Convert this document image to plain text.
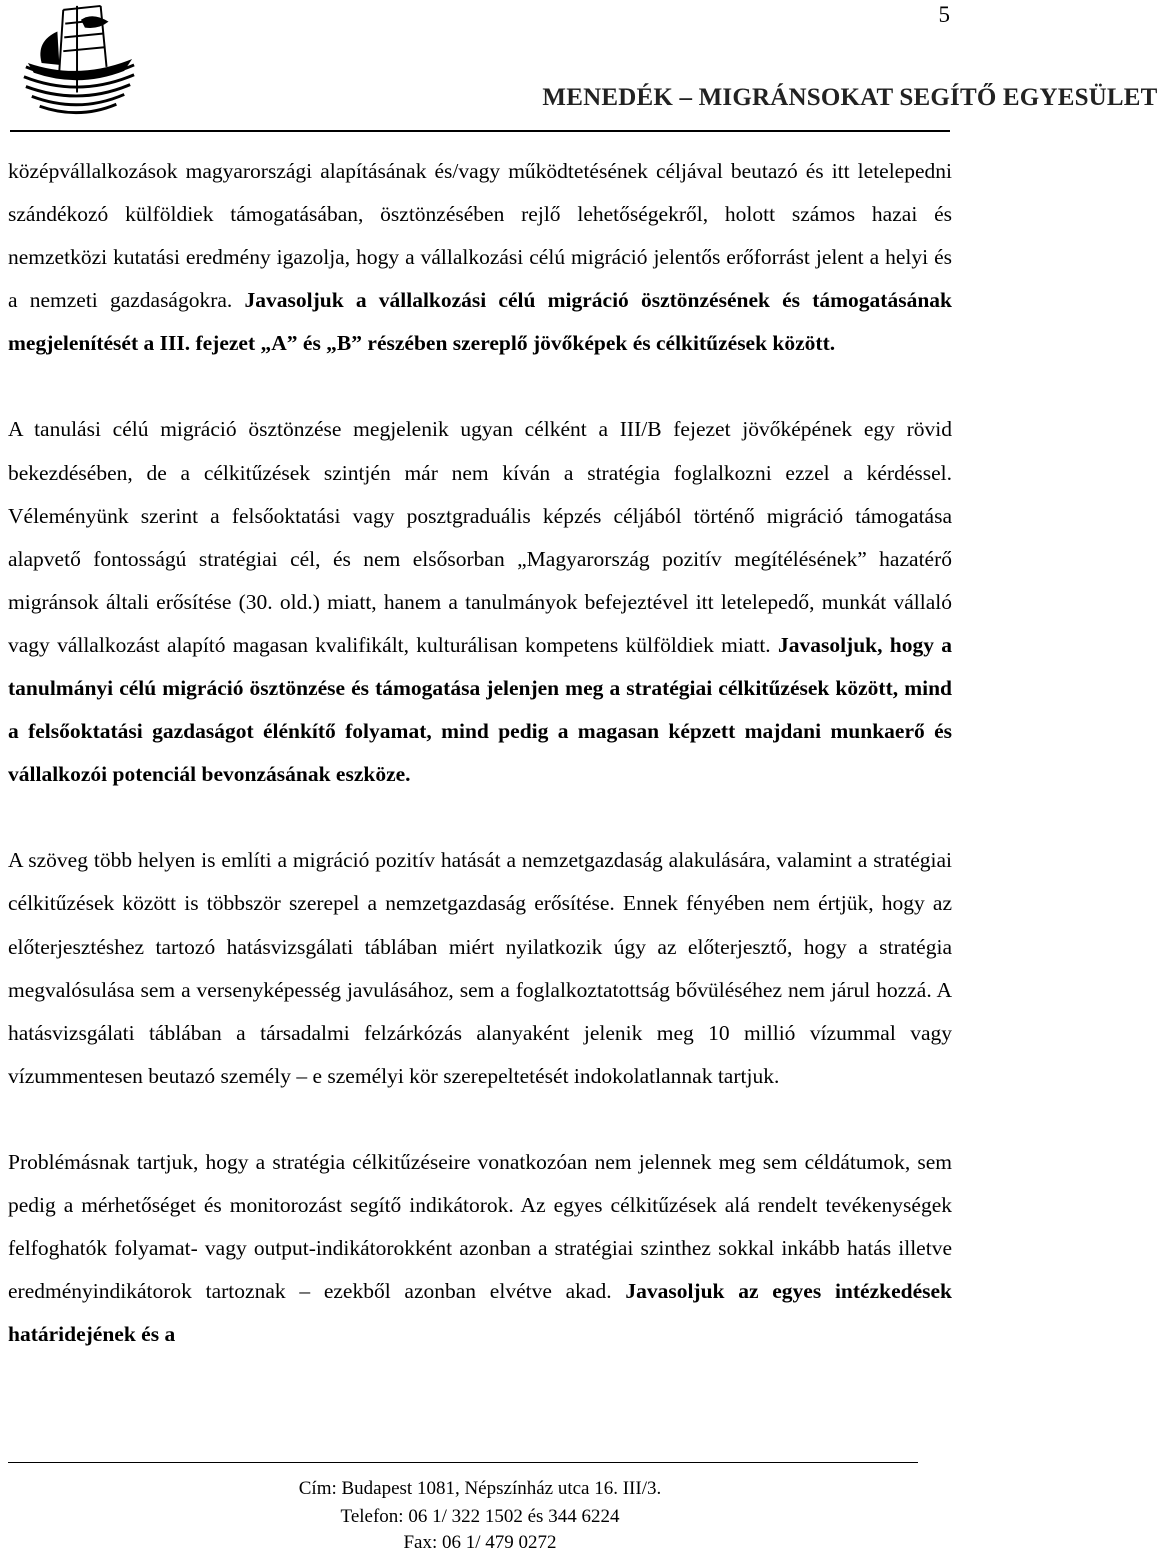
5
MENEDÉK – MIGRÁNSOKAT SEGÍTŐ EGYESÜLET

középvállalkozások magyarországi alapításának és/vagy működtetésének céljával beutazó és itt letelepedni szándékozó külföldiek támogatásában, ösztönzésében rejlő lehetőségekről, holott számos hazai és nemzetközi kutatási eredmény igazolja, hogy a vállalkozási célú migráció jelentős erőforrást jelent a helyi és a nemzeti gazdaságokra. Javasoljuk a vállalkozási célú migráció ösztönzésének és támogatásának megjelenítését a III. fejezet „A” és „B” részében szereplő jövőképek és célkitűzések között.

A tanulási célú migráció ösztönzése megjelenik ugyan célként a III/B fejezet jövőképének egy rövid bekezdésében, de a célkitűzések szintjén már nem kíván a stratégia foglalkozni ezzel a kérdéssel. Véleményünk szerint a felsőoktatási vagy posztgraduális képzés céljából történő migráció támogatása alapvető fontosságú stratégiai cél, és nem elsősorban „Magyarország pozitív megítélésének” hazatérő migránsok általi erősítése (30. old.) miatt, hanem a tanulmányok befejeztével itt letelepedő, munkát vállaló vagy vállalkozást alapító magasan kvalifikált, kulturálisan kompetens külföldiek miatt. Javasoljuk, hogy a tanulmányi célú migráció ösztönzése és támogatása jelenjen meg a stratégiai célkitűzések között, mind a felsőoktatási gazdaságot élénkítő folyamat, mind pedig a magasan képzett majdani munkaerő és vállalkozói potenciál bevonzásának eszköze.

A szöveg több helyen is említi a migráció pozitív hatását a nemzetgazdaság alakulására, valamint a stratégiai célkitűzések között is többször szerepel a nemzetgazdaság erősítése. Ennek fényében nem értjük, hogy az előterjesztéshez tartozó hatásvizsgálati táblában miért nyilatkozik úgy az előterjesztő, hogy a stratégia megvalósulása sem a versenyképesség javulásához, sem a foglalkoztatottság bővüléséhez nem járul hozzá. A hatásvizsgálati táblában a társadalmi felzárkózás alanyaként jelenik meg 10 millió vízummal vagy vízummentesen beutazó személy – e személyi kör szerepeltetését indokolatlannak tartjuk.

Problémásnak tartjuk, hogy a stratégia célkitűzéseire vonatkozóan nem jelennek meg sem céldátumok, sem pedig a mérhetőséget és monitorozást segítő indikátorok. Az egyes célkitűzések alá rendelt tevékenységek felfoghatók folyamat- vagy output-indikátorokként azonban a stratégiai szinthez sokkal inkább hatás illetve eredményindikátorok tartoznak – ezekből azonban elvétve akad. Javasoljuk az egyes intézkedések határidejének és a

Cím: Budapest 1081, Népszínház utca 16. III/3.
Telefon: 06 1/ 322 1502 és 344 6224
Fax: 06 1/ 479 0272
